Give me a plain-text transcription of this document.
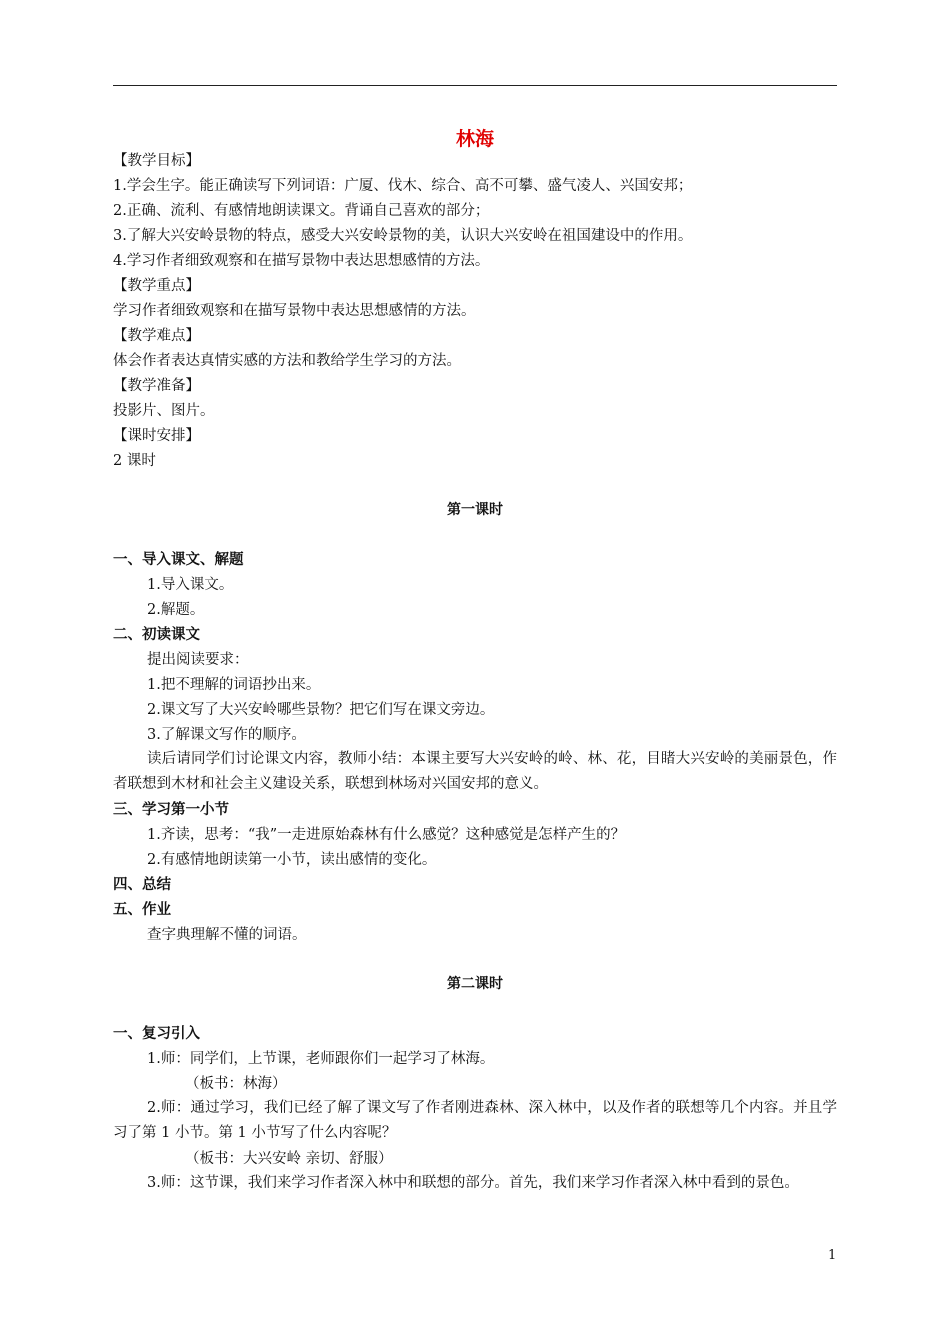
林海
【教学目标】
1.学会生字。能正确读写下列词语：广厦、伐木、综合、高不可攀、盛气凌人、兴国安邦；
2.正确、流利、有感情地朗读课文。背诵自己喜欢的部分；
3.了解大兴安岭景物的特点，感受大兴安岭景物的美，认识大兴安岭在祖国建设中的作用。
4.学习作者细致观察和在描写景物中表达思想感情的方法。
【教学重点】
学习作者细致观察和在描写景物中表达思想感情的方法。
【教学难点】
体会作者表达真情实感的方法和教给学生学习的方法。
【教学准备】
投影片、图片。
【课时安排】
2 课时
第一课时
一、导入课文、解题
1.导入课文。
2.解题。
二、初读课文
提出阅读要求：
1.把不理解的词语抄出来。
2.课文写了大兴安岭哪些景物？把它们写在课文旁边。
3.了解课文写作的顺序。
读后请同学们讨论课文内容，教师小结：本课主要写大兴安岭的岭、林、花，目睹大兴安岭的美丽景色，作者联想到木材和社会主义建设关系，联想到林场对兴国安邦的意义。
三、学习第一小节
1.齐读，思考：“我”一走进原始森林有什么感觉？这种感觉是怎样产生的？
2.有感情地朗读第一小节，读出感情的变化。
四、总结
五、作业
查字典理解不懂的词语。
第二课时
一、复习引入
1.师：同学们，上节课，老师跟你们一起学习了林海。
（板书：林海）
2.师：通过学习，我们已经了解了课文写了作者刚进森林、深入林中，以及作者的联想等几个内容。并且学习了第 1 小节。第 1 小节写了什么内容呢？
（板书：大兴安岭 亲切、舒服）
3.师：这节课，我们来学习作者深入林中和联想的部分。首先，我们来学习作者深入林中看到的景色。
1
